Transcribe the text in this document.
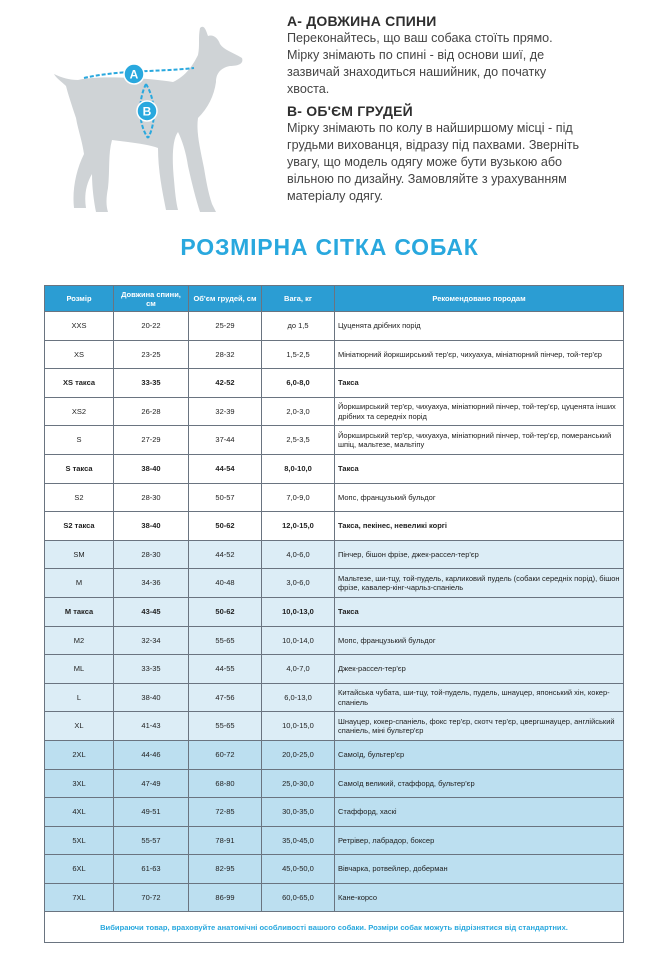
A
B
А- ДОВЖИНА СПИНИ
Переконайтесь, що ваш собака стоїть прямо. Мірку знімають по спині - від основи шиї, де зазвичай знаходиться нашийник, до початку хвоста.
В- ОБ'ЄМ ГРУДЕЙ
Мірку знімають по колу в найширшому місці - під грудьми вихованця, відразу під пахвами. Зверніть увагу, що модель одягу може бути вузькою або вільною по дизайну. Замовляйте з урахуванням матеріалу одягу.
РОЗМІРНА СІТКА СОБАК
Розмір	Довжина спини, см	Об'єм грудей, см	Вага, кг	Рекомендовано породам
XXS	20-22	25-29	до 1,5	Цуценята дрібних порід
XS	23-25	28-32	1,5-2,5	Мініатюрний йоркширський тер'єр, чихуахуа, мініатюрний пінчер, той-тер'єр
XS такса	33-35	42-52	6,0-8,0	Такса
XS2	26-28	32-39	2,0-3,0	Йоркширський тер'єр, чихуахуа, мініатюрний пінчер, той-тер'єр, цуценята інших дрібних та середніх порід
S	27-29	37-44	2,5-3,5	Йоркширський тер'єр, чихуахуа, мініатюрний пінчер, той-тер'єр, померанський шпіц, мальтезе, мальтіпу
S такса	38-40	44-54	8,0-10,0	Такса
S2	28-30	50-57	7,0-9,0	Мопс, французький бульдог
S2 такса	38-40	50-62	12,0-15,0	Такса, пекінес, невеликі коргі
SM	28-30	44-52	4,0-6,0	Пінчер, бішон фрізе, джек-рассел-тер'єр
M	34-36	40-48	3,0-6,0	Мальтезе, ши-тцу, той-пудель, карликовий пудель (собаки середніх порід), бішон фрізе, кавалер-кінг-чарльз-спаніель
M такса	43-45	50-62	10,0-13,0	Такса
M2	32-34	55-65	10,0-14,0	Мопс, французький бульдог
ML	33-35	44-55	4,0-7,0	Джек-рассел-тер'єр
L	38-40	47-56	6,0-13,0	Китайська чубата, ши-тцу, той-пудель, пудель, шнауцер, японський хін, кокер-спаніель
XL	41-43	55-65	10,0-15,0	Шнауцер, кокер-спаніель, фокс тер'єр, скотч тер'єр, цвергшнауцер, англійський спаніель, міні бультер'єр
2XL	44-46	60-72	20,0-25,0	Самоїд, бультер'єр
3XL	47-49	68-80	25,0-30,0	Самоїд великий, стаффорд, бультер'єр
4XL	49-51	72-85	30,0-35,0	Стаффорд, хаскі
5XL	55-57	78-91	35,0-45,0	Ретрівер, лабрадор, боксер
6XL	61-63	82-95	45,0-50,0	Вівчарка, ротвейлер, доберман
7XL	70-72	86-99	60,0-65,0	Кане-корсо
Вибираючи товар, враховуйте анатомічні особливості вашого собаки. Розміри собак можуть відрізнятися від стандартних.				
